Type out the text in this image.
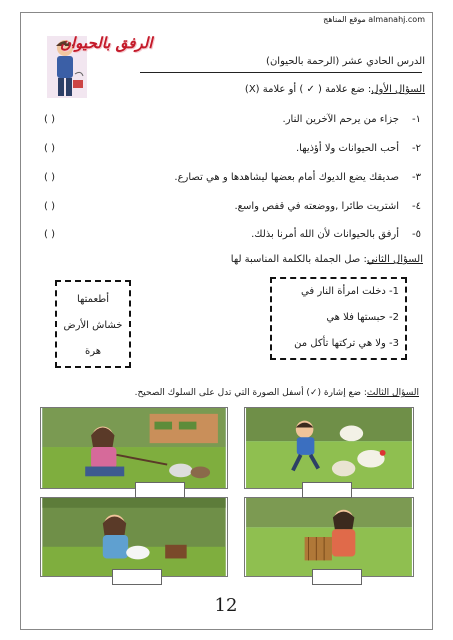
موقع المناهج almanahj.com
الرفق بالحيوان
الدرس الحادي عشر (الرحمة بالحيوان)
السؤال الأول: ضع علامة ( ✓ ) أو علامة (X)
١-جزاء من يرحم الآخرين النار.
( )
٢-أحب الحيوانات ولا أؤذيها.
( )
٣-صديقك يضع الديوك أمام بعضها ليشاهدها و هي تصارع.
( )
٤-اشتريت طائرا ,ووضعته في قفص واسع.
( )
٥-أرفق بالحيوانات لأن الله أمرنا بذلك.
( )
السؤال الثاني: صل الجملة بالكلمة المناسبة لها
1- دخلت امرأة النار في
2- حبستها فلا هي
3- ولا هي تركتها تأكل من
أطعمتها
خشاش الأرض
هرة
السؤال الثالث: ضع إشارة (✓) أسفل الصورة التي تدل على السلوك الصحيح.
12
